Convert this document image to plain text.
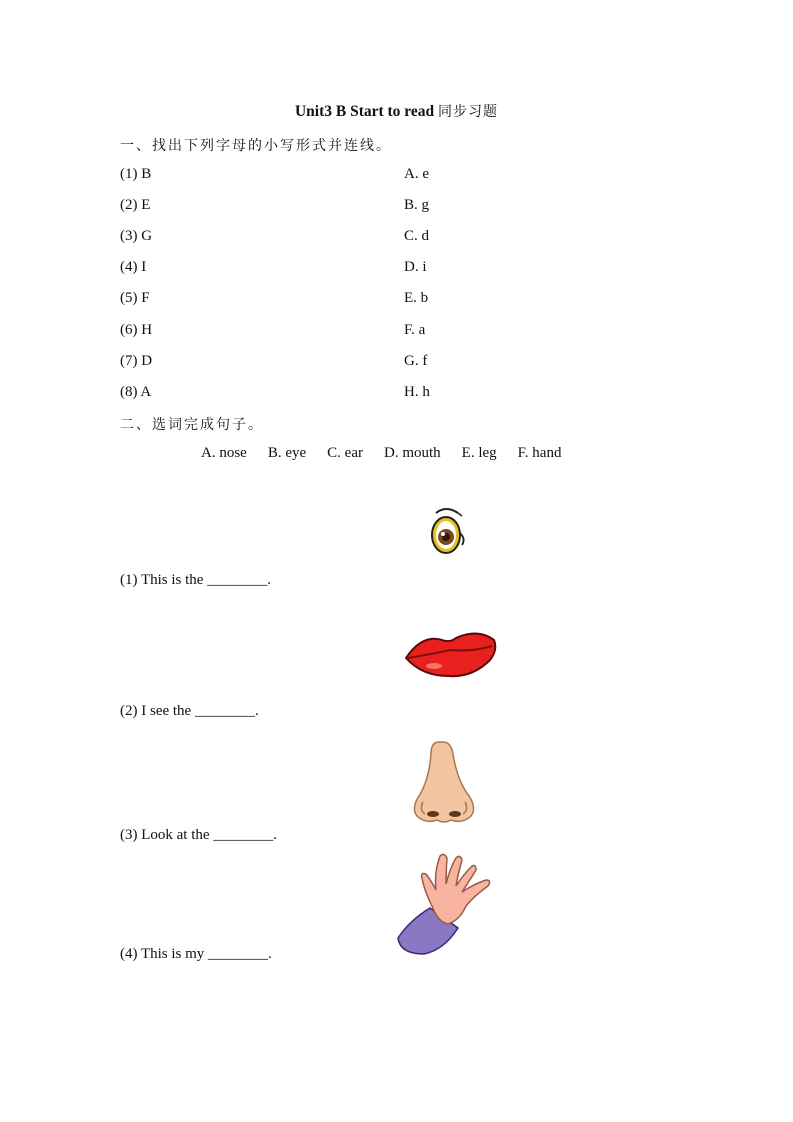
Unit3 B Start to read 同步习题
一、找出下列字母的小写形式并连线。
(1) B
(2) E
(3) G
(4) I
(5) F
(6) H
(7) D
(8) A
A. e
B. g
C. d
D. i
E. b
F. a
G. f
H. h
二、选词完成句子。
A. nose B. eye C. ear D. mouth E. leg F. hand
(1) This is the ________.
(2) I see the ________.
(3) Look at the ________.
(4) This is my ________.
